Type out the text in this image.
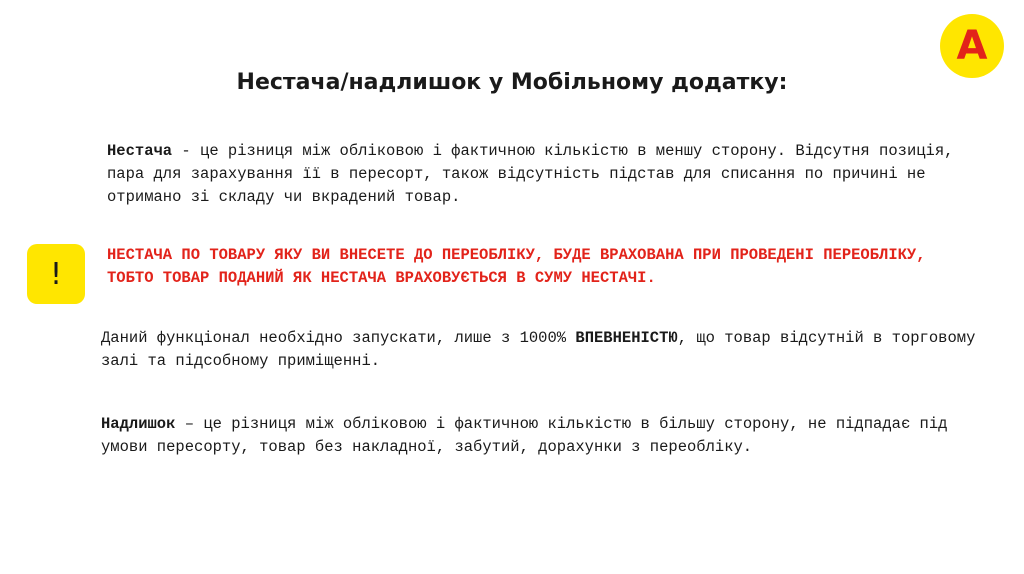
A
Нестача/надлишок у Мобільному додатку:

Нестача - це різниця між обліковою і фактичною кількістю в меншу сторону. Відсутня позиція, пара для зарахування її в пересорт, також відсутність підстав для списання по причині не отримано зі складу чи вкрадений товар.

!

НЕСТАЧА ПО ТОВАРУ ЯКУ ВИ ВНЕСЕТЕ ДО ПЕРЕОБЛІКУ, БУДЕ ВРАХОВАНА ПРИ ПРОВЕДЕНІ ПЕРЕОБЛІКУ, ТОБТО ТОВАР ПОДАНИЙ ЯК НЕСТАЧА ВРАХОВУЄТЬСЯ В СУМУ НЕСТАЧІ.

Даний функціонал необхідно запускати, лише з 1000% ВПЕВНЕНІСТЮ, що товар відсутній в торговому залі та підсобному приміщенні.

Надлишок – це різниця між обліковою і фактичною кількістю в більшу сторону, не підпадає під умови пересорту, товар без накладної, забутий, дорахунки з переобліку.
